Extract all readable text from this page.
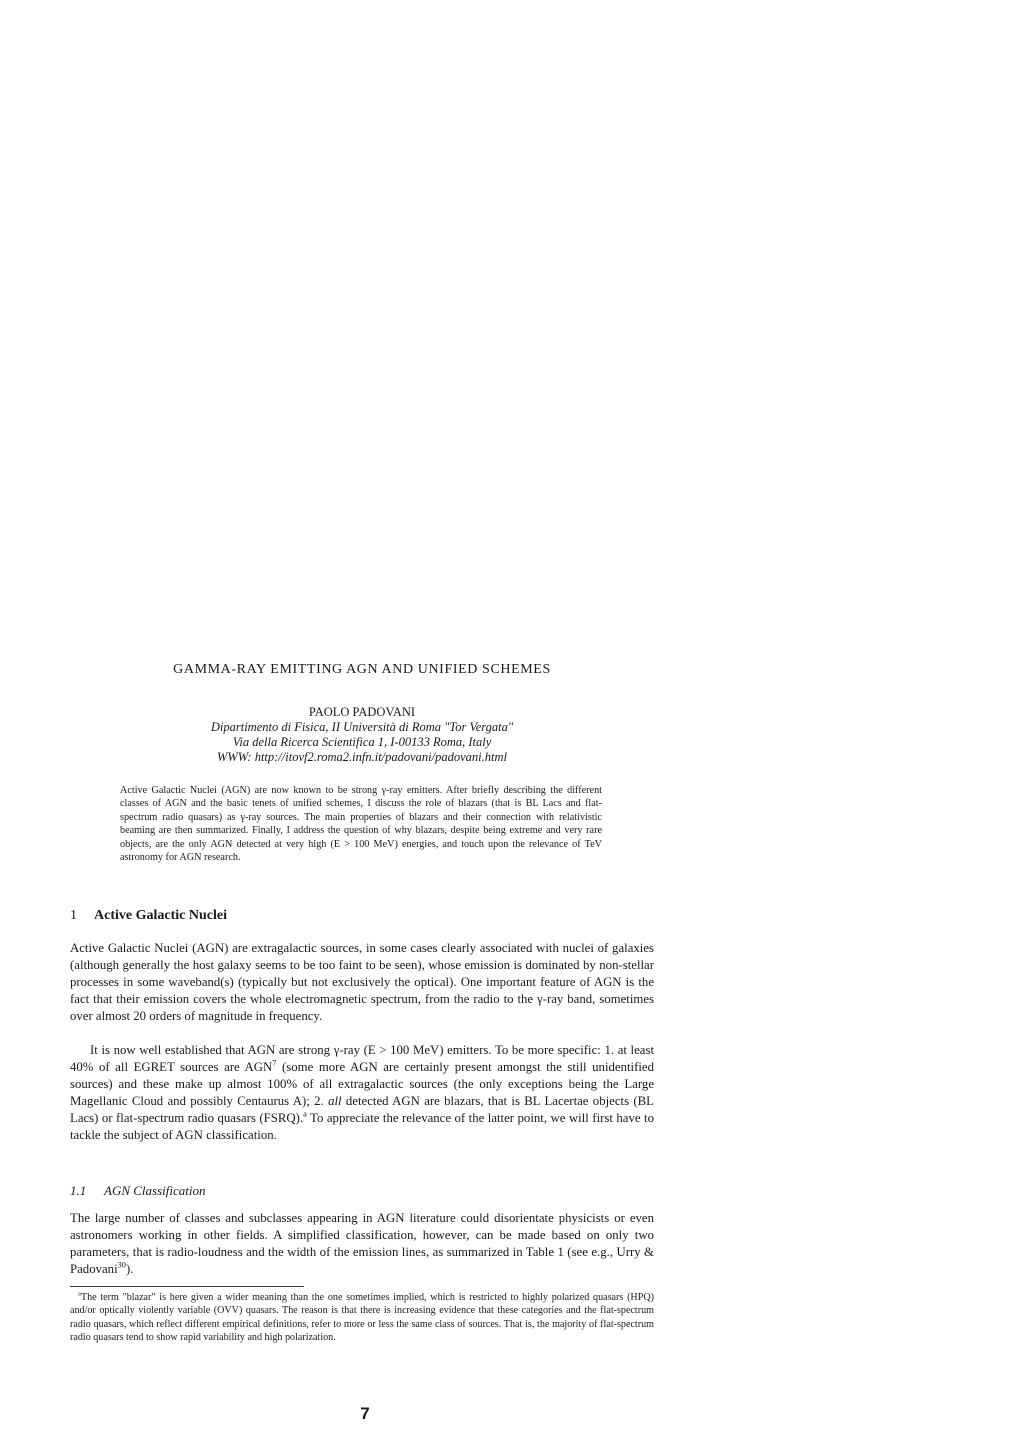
GAMMA-RAY EMITTING AGN AND UNIFIED SCHEMES
PAOLO PADOVANI
Dipartimento di Fisica, II Università di Roma "Tor Vergata"
Via della Ricerca Scientifica 1, I-00133 Roma, Italy
WWW: http://itovf2.roma2.infn.it/padovani/padovani.html
Active Galactic Nuclei (AGN) are now known to be strong γ-ray emitters. After briefly describing the different classes of AGN and the basic tenets of unified schemes, I discuss the role of blazars (that is BL Lacs and flat-spectrum radio quasars) as γ-ray sources. The main properties of blazars and their connection with relativistic beaming are then summarized. Finally, I address the question of why blazars, despite being extreme and very rare objects, are the only AGN detected at very high (E > 100 MeV) energies, and touch upon the relevance of TeV astronomy for AGN research.
1 Active Galactic Nuclei

Active Galactic Nuclei (AGN) are extragalactic sources, in some cases clearly associated with nuclei of galaxies (although generally the host galaxy seems to be too faint to be seen), whose emission is dominated by non-stellar processes in some waveband(s) (typically but not exclusively the optical). One important feature of AGN is the fact that their emission covers the whole electromagnetic spectrum, from the radio to the γ-ray band, sometimes over almost 20 orders of magnitude in frequency.

It is now well established that AGN are strong γ-ray (E > 100 MeV) emitters. To be more specific: 1. at least 40% of all EGRET sources are AGN$^7$ (some more AGN are certainly present amongst the still unidentified sources) and these make up almost 100% of all extragalactic sources (the only exceptions being the Large Magellanic Cloud and possibly Centaurus A); 2. all detected AGN are blazars, that is BL Lacertae objects (BL Lacs) or flat-spectrum radio quasars (FSRQ).$^a$ To appreciate the relevance of the latter point, we will first have to tackle the subject of AGN classification.

1.1 AGN Classification

The large number of classes and subclasses appearing in AGN literature could disorientate physicists or even astronomers working in other fields. A simplified classification, however, can be made based on only two parameters, that is radio-loudness and the width of the emission lines, as summarized in Table 1 (see e.g., Urry & Padovani$^{30}$).

$^a$The term "blazar" is here given a wider meaning than the one sometimes implied, which is restricted to highly polarized quasars (HPQ) and/or optically violently variable (OVV) quasars. The reason is that there is increasing evidence that these categories and the flat-spectrum radio quasars, which reflect different empirical definitions, refer to more or less the same class of sources. That is, the majority of flat-spectrum radio quasars tend to show rapid variability and high polarization.
7
